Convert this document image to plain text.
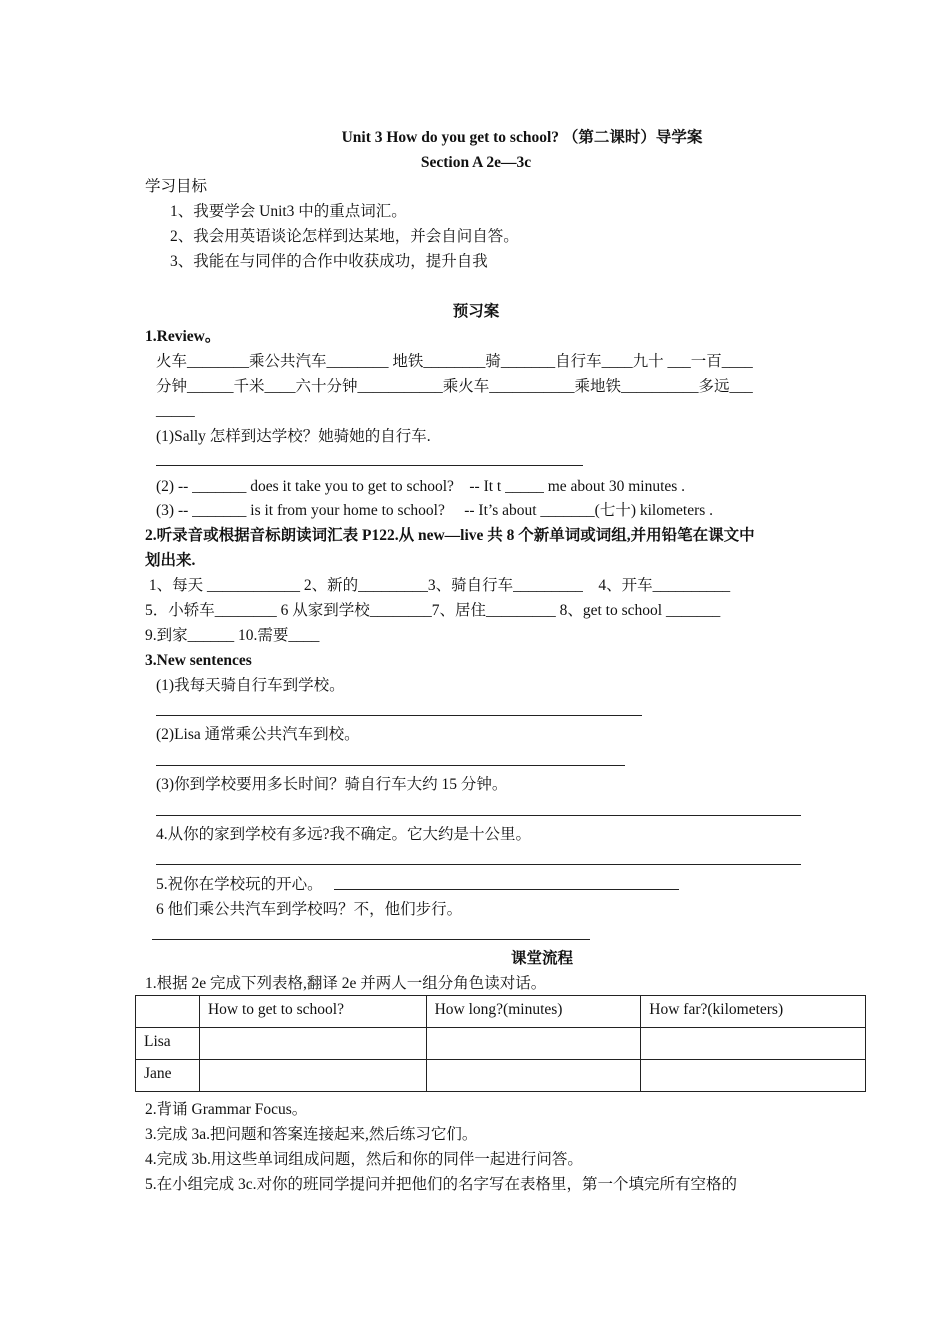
Unit 3 How do you get to school? （第二课时）导学案
Section A 2e—3c
学习目标
1、我要学会 Unit3 中的重点词汇。
2、我会用英语谈论怎样到达某地，并会自问自答。
3、我能在与同伴的合作中收获成功，提升自我
预习案
1.Review。
火车________乘公共汽车________ 地铁________骑_______自行车____九十 ___一百____
分钟______千米____六十分钟___________乘火车___________乘地铁__________多远___
_____
(1)Sally 怎样到达学校？她骑她的自行车.
(2) -- _______ does it take you to get to school?    -- It t _____ me about 30 minutes .
(3) -- _______ is it from your home to school?     -- It’s about _______(七十) kilometers .
2.听录音或根据音标朗读词汇表 P122.从 new—live 共 8 个新单词或词组,并用铅笔在课文中
划出来.
1、每天 ____________ 2、新的_________3、骑自行车_________    4、开车__________
5．小轿车________ 6 从家到学校________7、居住_________ 8、get to school _______
9.到家______ 10.需要____
3.New sentences
(1)我每天骑自行车到学校。
(2)Lisa 通常乘公共汽车到校。
(3)你到学校要用多长时间？骑自行车大约 15 分钟。
4.从你的家到学校有多远?我不确定。它大约是十公里。
5.祝你在学校玩的开心。
6 他们乘公共汽车到学校吗？不，他们步行。
课堂流程
1.根据 2e 完成下列表格,翻译 2e 并两人一组分角色读对话。
	How to get to school?	How long?(minutes)	How far?(kilometers)
Lisa			
Jane			
2.背诵 Grammar Focus。
3.完成 3a.把问题和答案连接起来,然后练习它们。
4.完成 3b.用这些单词组成问题，然后和你的同伴一起进行问答。
5.在小组完成 3c.对你的班同学提问并把他们的名字写在表格里，第一个填完所有空格的
